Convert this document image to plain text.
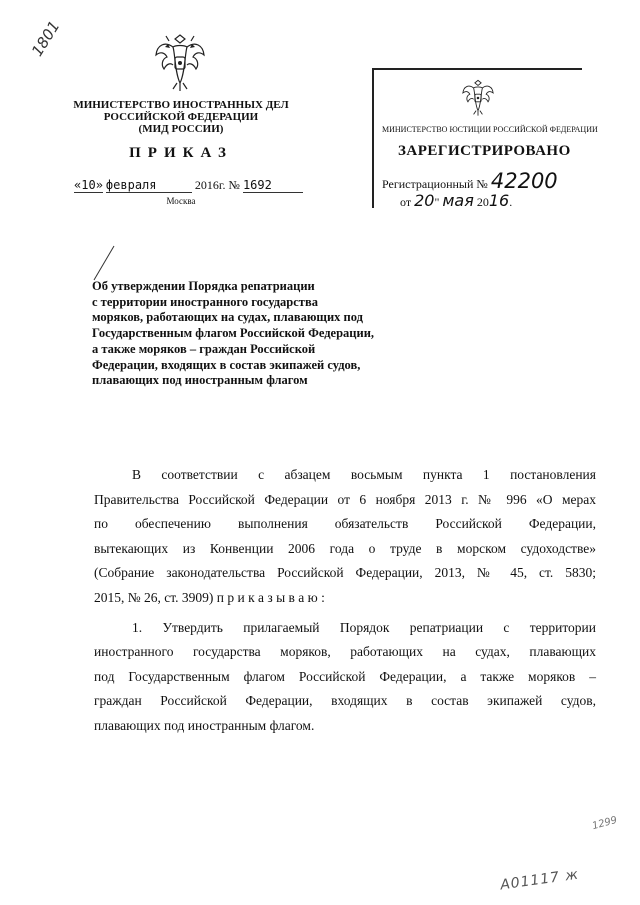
1801
1299
А01117 ж
МИНИСТЕРСТВО ИНОСТРАННЫХ ДЕЛ
РОССИЙСКОЙ ФЕДЕРАЦИИ
(МИД РОССИИ)
ПРИКАЗ
«10» февраля	2016г. № 1692
Москва
МИНИСТЕРСТВО ЮСТИЦИИ РОССИЙСКОЙ ФЕДЕРАЦИИ
ЗАРЕГИСТРИРОВАНО
Регистрационный № 42200
от 20" мая 2016.
Об утверждении Порядка репатриации
с территории иностранного государства
моряков, работающих на судах, плавающих под
Государственным флагом Российской Федерации,
а также моряков – граждан Российской
Федерации, входящих в состав экипажей судов,
плавающих под иностранным флагом
В соответствии с абзацем восьмым пункта 1 постановления
Правительства Российской Федерации от 6 ноября 2013 г. № 996 «О мерах
по обеспечению выполнения обязательств Российской Федерации,
вытекающих из Конвенции 2006 года о труде в морском судоходстве»
(Собрание законодательства Российской Федерации, 2013, № 45, ст. 5830;
2015, № 26, ст. 3909) п р и к а з ы в а ю :
1. Утвердить прилагаемый Порядок репатриации с территории
иностранного государства моряков, работающих на судах, плавающих
под Государственным флагом Российской Федерации, а также моряков –
граждан Российской Федерации, входящих в состав экипажей судов,
плавающих под иностранным флагом.
